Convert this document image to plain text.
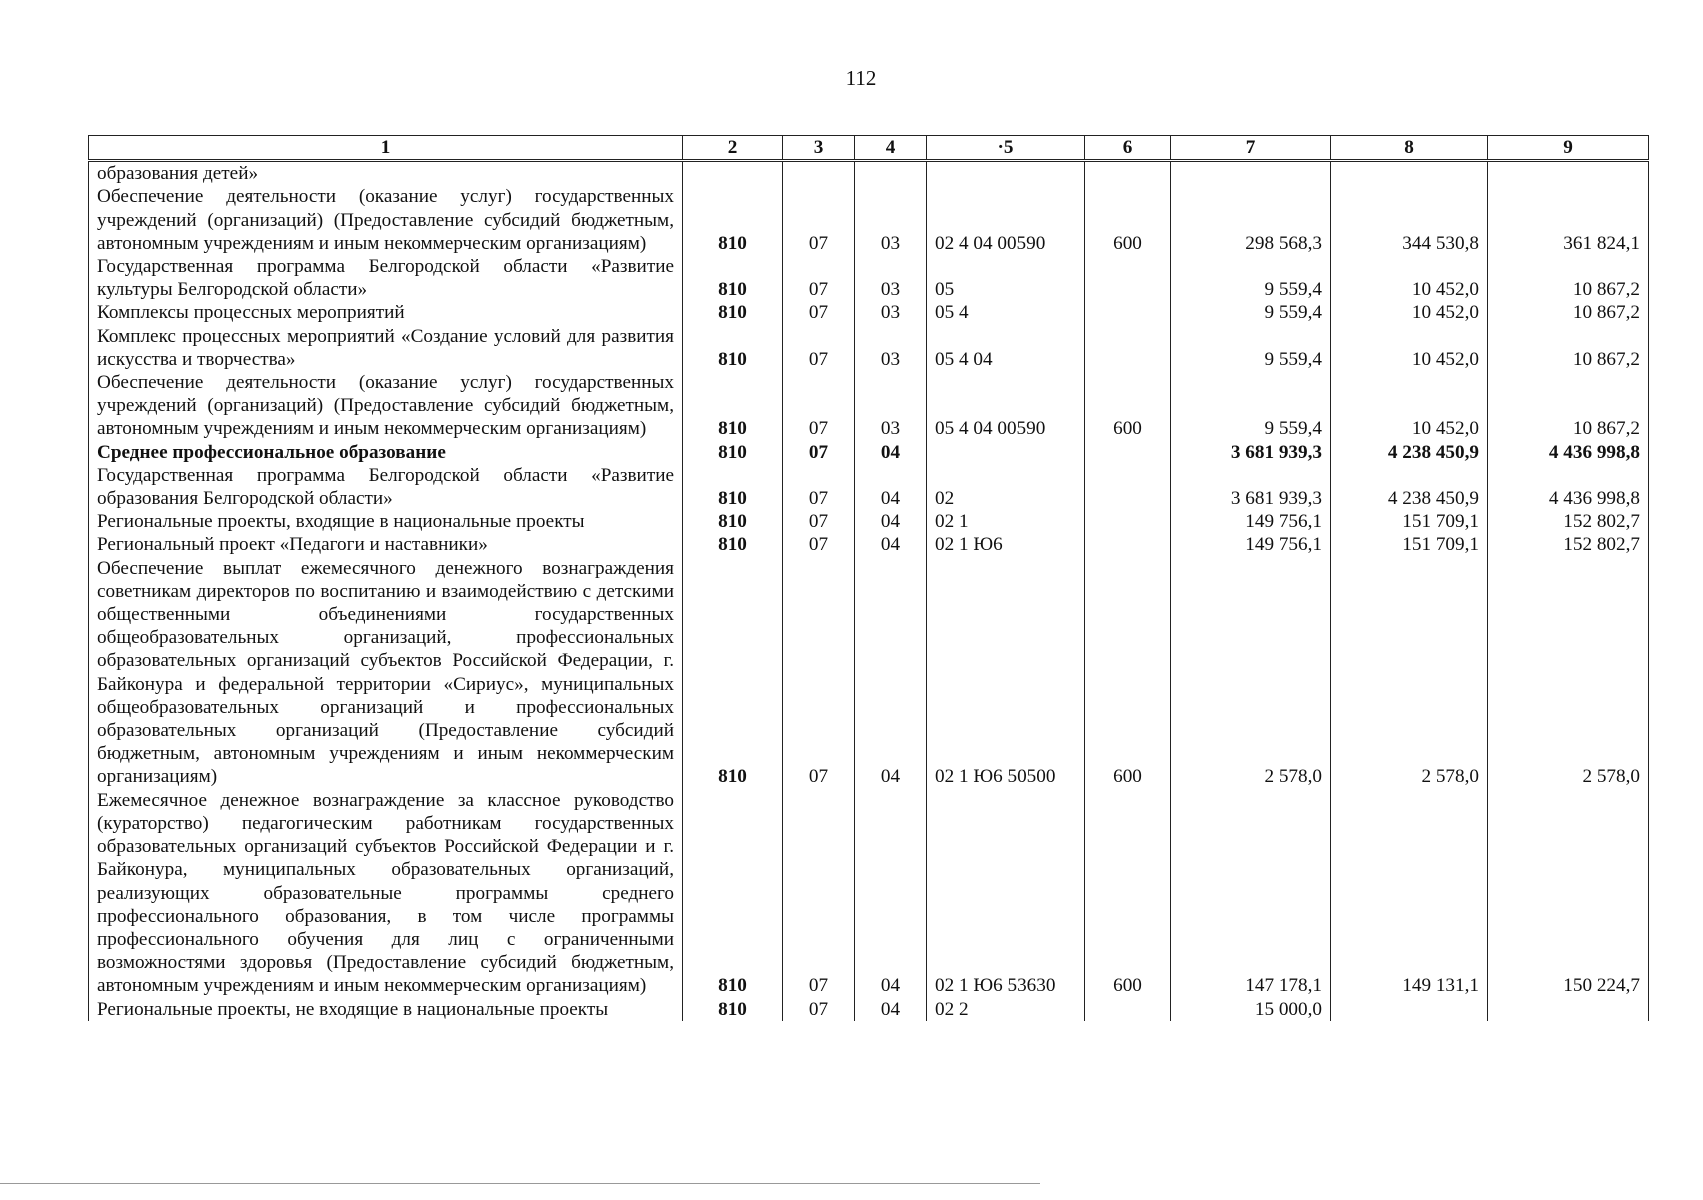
112
1	2	3	4	·5	6	7	8	9
образования детей»								
Обеспечение деятельности (оказание услуг) государственных учреждений (организаций) (Предоставление субсидий бюджетным, автономным учреждениям и иным некоммерческим организациям)	810	07	03	02 4 04 00590	600	298 568,3	344 530,8	361 824,1
Государственная программа Белгородской области «Развитие культуры Белгородской области»	810	07	03	05		9 559,4	10 452,0	10 867,2
Комплексы процессных мероприятий	810	07	03	05 4		9 559,4	10 452,0	10 867,2
Комплекс процессных мероприятий «Создание условий для развития искусства и творчества»	810	07	03	05 4 04		9 559,4	10 452,0	10 867,2
Обеспечение деятельности (оказание услуг) государственных учреждений (организаций) (Предоставление субсидий бюджетным, автономным учреждениям и иным некоммерческим организациям)	810	07	03	05 4 04 00590	600	9 559,4	10 452,0	10 867,2
Среднее профессиональное образование	810	07	04			3 681 939,3	4 238 450,9	4 436 998,8
Государственная программа Белгородской области «Развитие образования Белгородской области»	810	07	04	02		3 681 939,3	4 238 450,9	4 436 998,8
Региональные проекты, входящие в национальные проекты	810	07	04	02 1		149 756,1	151 709,1	152 802,7
Региональный проект «Педагоги и наставники»	810	07	04	02 1 Ю6		149 756,1	151 709,1	152 802,7
Обеспечение выплат ежемесячного денежного вознаграждения советникам директоров по воспитанию и взаимодействию с детскими общественными объединениями государственных общеобразовательных организаций, профессиональных образовательных организаций субъектов Российской Федерации, г. Байконура и федеральной территории «Сириус», муниципальных общеобразовательных организаций и профессиональных образовательных организаций (Предоставление субсидий бюджетным, автономным учреждениям и иным некоммерческим организациям)	810	07	04	02 1 Ю6 50500	600	2 578,0	2 578,0	2 578,0
Ежемесячное денежное вознаграждение за классное руководство (кураторство) педагогическим работникам государственных образовательных организаций субъектов Российской Федерации и г. Байконура, муниципальных образовательных организаций, реализующих образовательные программы среднего профессионального образования, в том числе программы профессионального обучения для лиц с ограниченными возможностями здоровья (Предоставление субсидий бюджетным, автономным учреждениям и иным некоммерческим организациям)	810	07	04	02 1 Ю6 53630	600	147 178,1	149 131,1	150 224,7
Региональные проекты, не входящие в национальные проекты	810	07	04	02 2		15 000,0		
